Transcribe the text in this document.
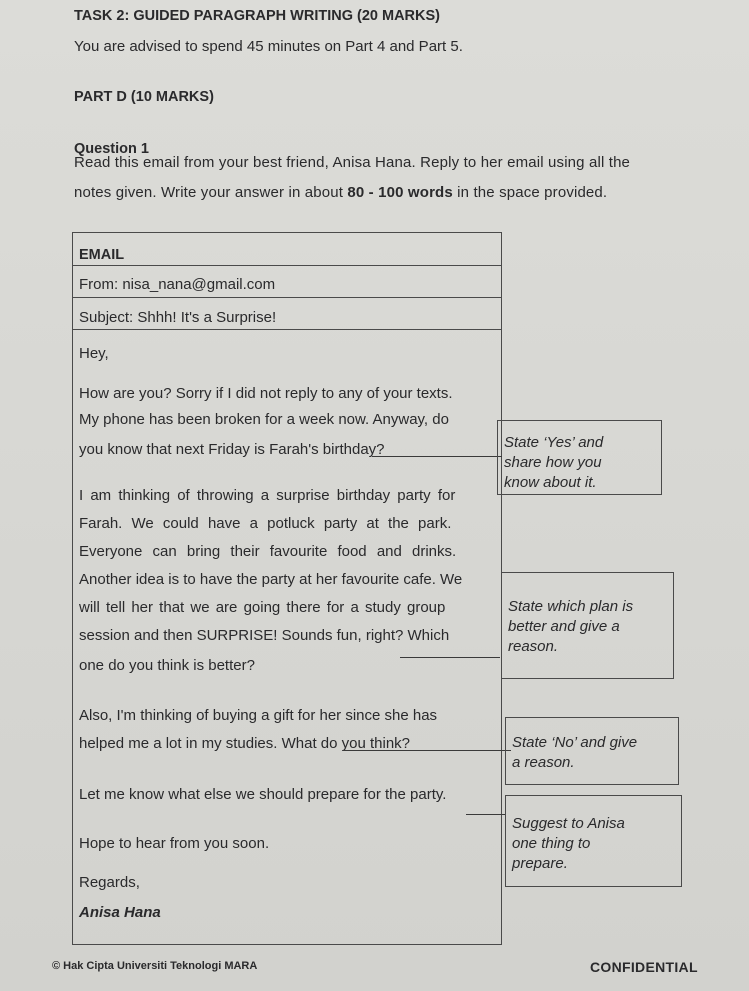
TASK 2: GUIDED PARAGRAPH WRITING (20 MARKS)
You are advised to spend 45 minutes on Part 4 and Part 5.
PART D (10 MARKS)
Question 1
Read this email from your best friend, Anisa Hana. Reply to her email using all the
notes given. Write your answer in about 80 - 100 words in the space provided.
EMAIL
From: nisa_nana@gmail.com
Subject: Shhh! It's a Surprise!
Hey,
How are you? Sorry if I did not reply to any of your texts.
My phone has been broken for a week now. Anyway, do
you know that next Friday is Farah's birthday?
I am thinking of throwing a surprise birthday party for
Farah. We could have a potluck party at the park.
Everyone can bring their favourite food and drinks.
Another idea is to have the party at her favourite cafe. We
will tell her that we are going there for a study group
session and then SURPRISE! Sounds fun, right? Which
one do you think is better?
Also, I'm thinking of buying a gift for her since she has
helped me a lot in my studies. What do you think?
Let me know what else we should prepare for the party.
Hope to hear from you soon.
Regards,
Anisa Hana
State ‘Yes’ and
share how you
know about it.
State which plan is
better and give a
reason.
State ‘No’ and give
a reason.
Suggest to Anisa
one thing to
prepare.
© Hak Cipta Universiti Teknologi MARA	CONFIDENTIAL
